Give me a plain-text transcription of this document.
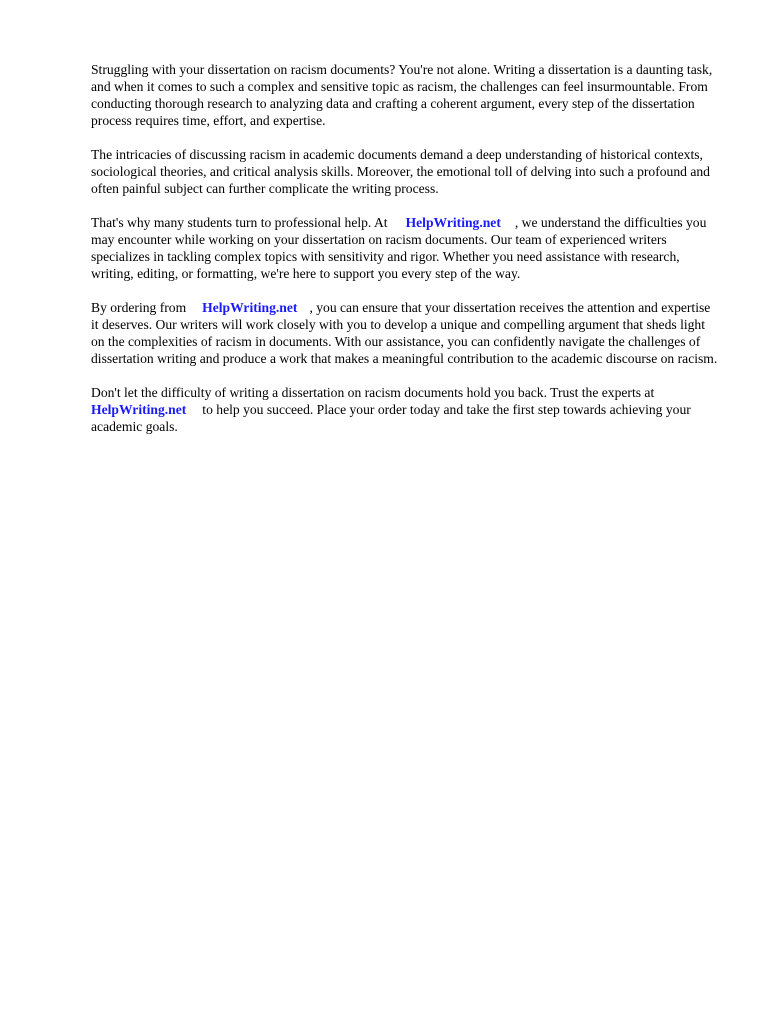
Struggling with your dissertation on racism documents? You're not alone. Writing a dissertation is a daunting task, and when it comes to such a complex and sensitive topic as racism, the challenges can feel insurmountable. From conducting thorough research to analyzing data and crafting a coherent argument, every step of the dissertation process requires time, effort, and expertise.

The intricacies of discussing racism in academic documents demand a deep understanding of historical contexts, sociological theories, and critical analysis skills. Moreover, the emotional toll of delving into such a profound and often painful subject can further complicate the writing process.

That's why many students turn to professional help. At HelpWriting.net , we understand the difficulties you may encounter while working on your dissertation on racism documents. Our team of experienced writers specializes in tackling complex topics with sensitivity and rigor. Whether you need assistance with research, writing, editing, or formatting, we're here to support you every step of the way.

By ordering from HelpWriting.net , you can ensure that your dissertation receives the attention and expertise it deserves. Our writers will work closely with you to develop a unique and compelling argument that sheds light on the complexities of racism in documents. With our assistance, you can confidently navigate the challenges of dissertation writing and produce a work that makes a meaningful contribution to the academic discourse on racism.

Don't let the difficulty of writing a dissertation on racism documents hold you back. Trust the experts atHelpWriting.net to help you succeed. Place your order today and take the first step towards achieving your academic goals.
